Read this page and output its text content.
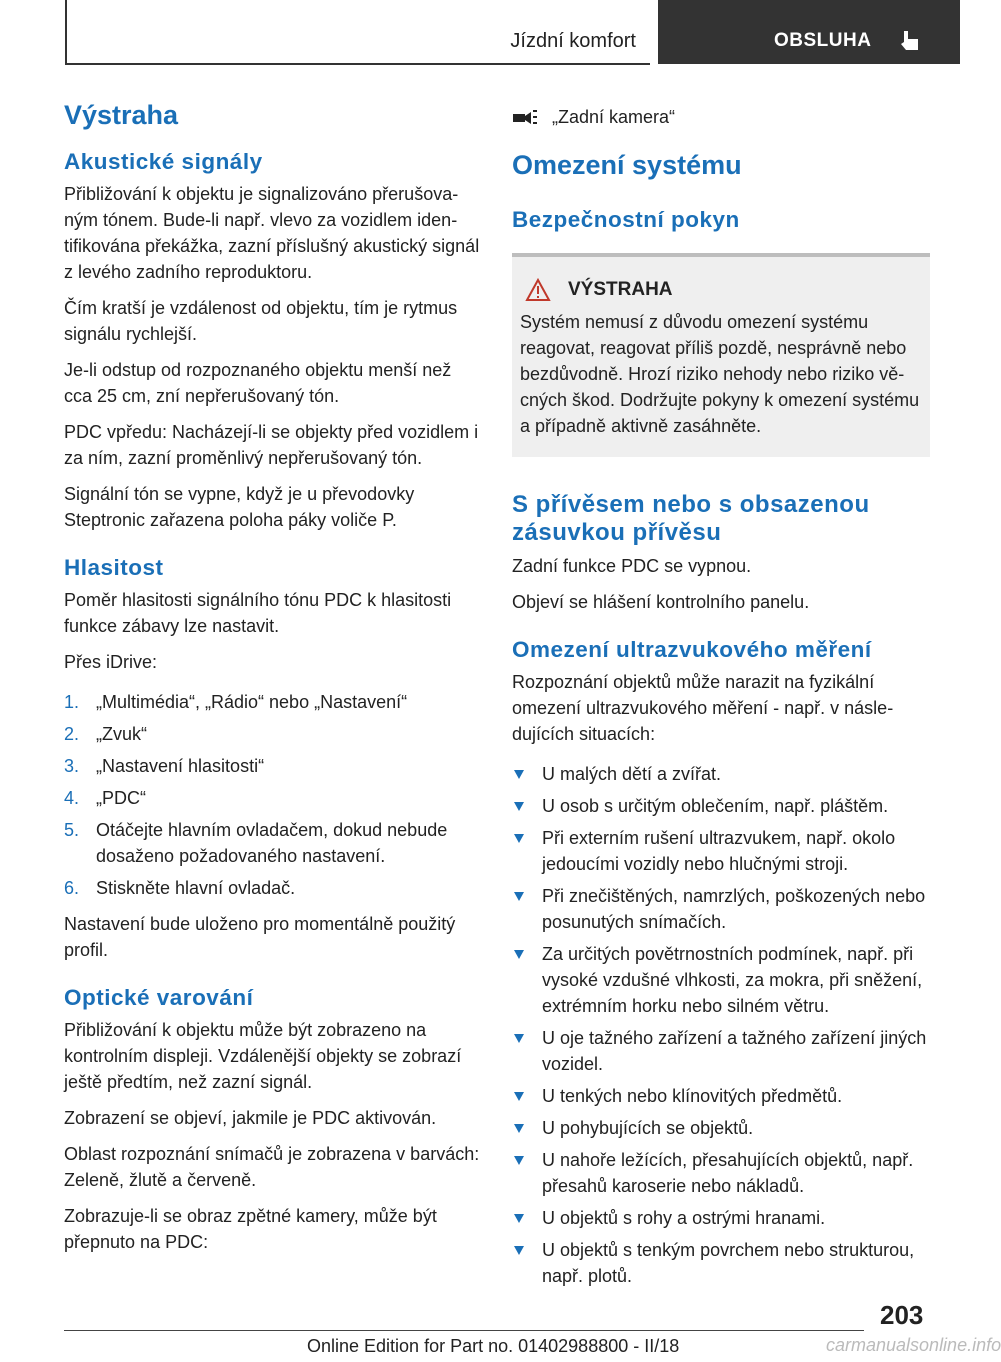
Jízdní komfort	OBSLUHA
Výstraha
Akustické signály

Přibližování k objektu je signalizováno přerušovaným tónem. Bude-li např. vlevo za vozidlem identifikována překážka, zazní příslušný akustický signál z levého zadního reproduktoru.

Čím kratší je vzdálenost od objektu, tím je rytmus signálu rychlejší.

Je-li odstup od rozpoznaného objektu menší než cca 25 cm, zní nepřerušovaný tón.

PDC vpředu: Nacházejí-li se objekty před vozidlem i za ním, zazní proměnlivý nepřerušovaný tón.

Signální tón se vypne, když je u převodovky Steptronic zařazena poloha páky voliče P.

Hlasitost

Poměr hlasitosti signálního tónu PDC k hlasitosti funkce zábavy lze nastavit.

Přes iDrive:

1. „Multimédia“, „Rádio“ nebo „Nastavení“
2. „Zvuk“
3. „Nastavení hlasitosti“
4. „PDC“
5. Otáčejte hlavním ovladačem, dokud nebude dosaženo požadovaného nastavení.
6. Stiskněte hlavní ovladač.

Nastavení bude uloženo pro momentálně použitý profil.

Optické varování

Přibližování k objektu může být zobrazeno na kontrolním displeji. Vzdálenější objekty se zobrazí ještě předtím, než zazní signál.

Zobrazení se objeví, jakmile je PDC aktivován.

Oblast rozpoznání snímačů je zobrazena v barvách: Zeleně, žlutě a červeně.

Zobrazuje-li se obraz zpětné kamery, může být přepnuto na PDC:

„Zadní kamera“
Omezení systému
Bezpečnostní pokyn
VÝSTRAHA

Systém nemusí z důvodu omezení systému reagovat, reagovat příliš pozdě, nesprávně nebo bezdůvodně. Hrozí riziko nehody nebo riziko věcných škod. Dodržujte pokyny k omezení systému a případně aktivně zasáhněte.

S přívěsem nebo s obsazenou zásuvkou přívěsu

Zadní funkce PDC se vypnou.

Objeví se hlášení kontrolního panelu.

Omezení ultrazvukového měření

Rozpoznání objektů může narazit na fyzikální omezení ultrazvukového měření - např. v následujících situacích:

U malých dětí a zvířat.
U osob s určitým oblečením, např. pláštěm.
Při externím rušení ultrazvukem, např. okolo jedoucími vozidly nebo hlučnými stroji.
Při znečištěných, namrzlých, poškozených nebo posunutých snímačích.
Za určitých povětrnostních podmínek, např. při vysoké vzdušné vlhkosti, za mokra, při sněžení, extrémním horku nebo silném větru.
U oje tažného zařízení a tažného zařízení jiných vozidel.
U tenkých nebo klínovitých předmětů.
U pohybujících se objektů.
U nahoře ležících, přesahujících objektů, např. přesahů karoserie nebo nákladů.
U objektů s rohy a ostrými hranami.
U objektů s tenkým povrchem nebo strukturou, např. plotů.
203
Online Edition for Part no. 01402988800 - II/18	carmanualsonline.info
